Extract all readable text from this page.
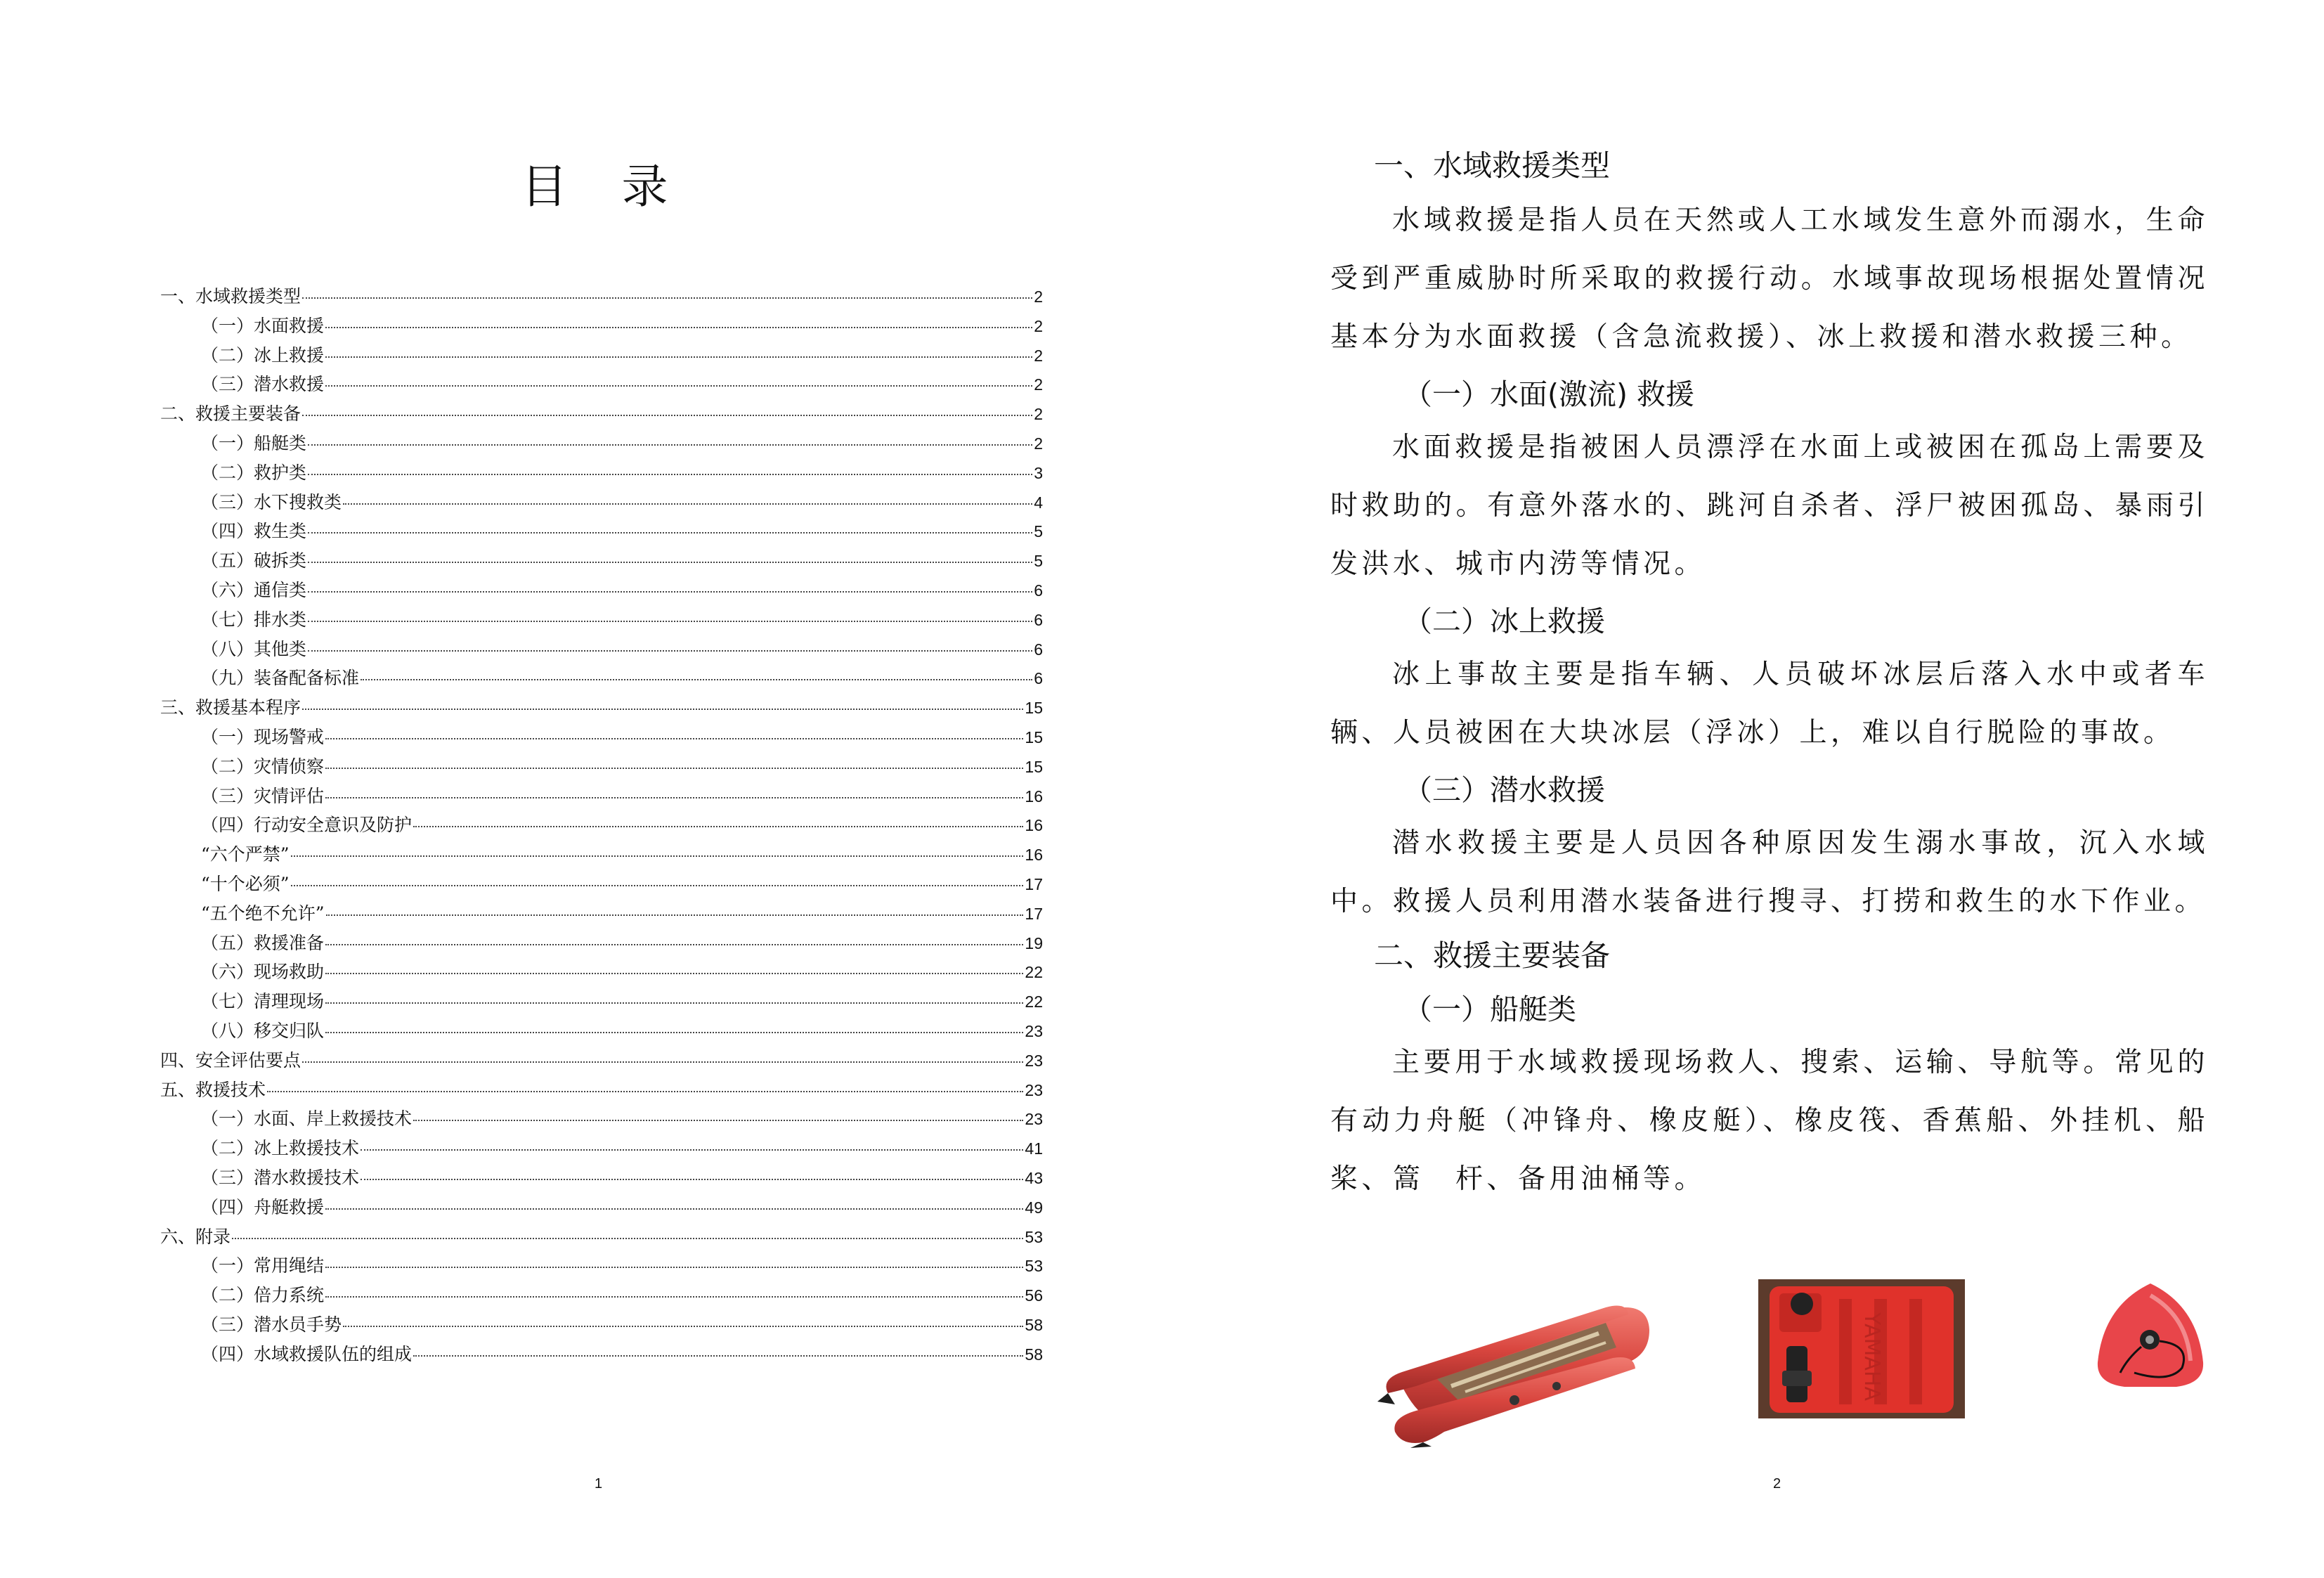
目 录
一、水域救援类型	2
（一）水面救援	2
（二）冰上救援	2
（三）潜水救援	2
二、救援主要装备	2
（一）船艇类	2
（二）救护类	3
（三）水下搜救类	4
（四）救生类	5
（五）破拆类	5
（六）通信类	6
（七）排水类	6
（八）其他类	6
（九）装备配备标准	6
三、救援基本程序	15
（一）现场警戒	15
（二）灾情侦察	15
（三）灾情评估	16
（四）行动安全意识及防护	16
“六个严禁”	16
“十个必须”	17
“五个绝不允许”	17
（五）救援准备	19
（六）现场救助	22
（七）清理现场	22
（八）移交归队	23
四、安全评估要点	23
五、救援技术	23
（一）水面、岸上救援技术	23
（二）冰上救援技术	41
（三）潜水救援技术	43
（四）舟艇救援	49
六、附录	53
（一）常用绳结	53
（二）倍力系统	56
（三）潜水员手势	58
（四）水域救援队伍的组成	58
1
一、水域救援类型
水域救援是指人员在天然或人工水域发生意外而溺水，生命受到严重威胁时所采取的救援行动。水域事故现场根据处置情况基本分为水面救援（含急流救援）、冰上救援和潜水救援三种。
（一）水面(激流) 救援
水面救援是指被困人员漂浮在水面上或被困在孤岛上需要及时救助的。有意外落水的、跳河自杀者、浮尸被困孤岛、暴雨引发洪水、城市内涝等情况。
（二）冰上救援
冰上事故主要是指车辆、人员破坏冰层后落入水中或者车辆、人员被困在大块冰层（浮冰）上，难以自行脱险的事故。
（三）潜水救援
潜水救援主要是人员因各种原因发生溺水事故，沉入水域中。救援人员利用潜水装备进行搜寻、打捞和救生的水下作业。
二、救援主要装备
（一）船艇类
主要用于水域救援现场救人、搜索、运输、导航等。常见的有动力舟艇（冲锋舟、橡皮艇）、橡皮筏、香蕉船、外挂机、船桨、篙　杆、备用油桶等。
YAMAHA
2
